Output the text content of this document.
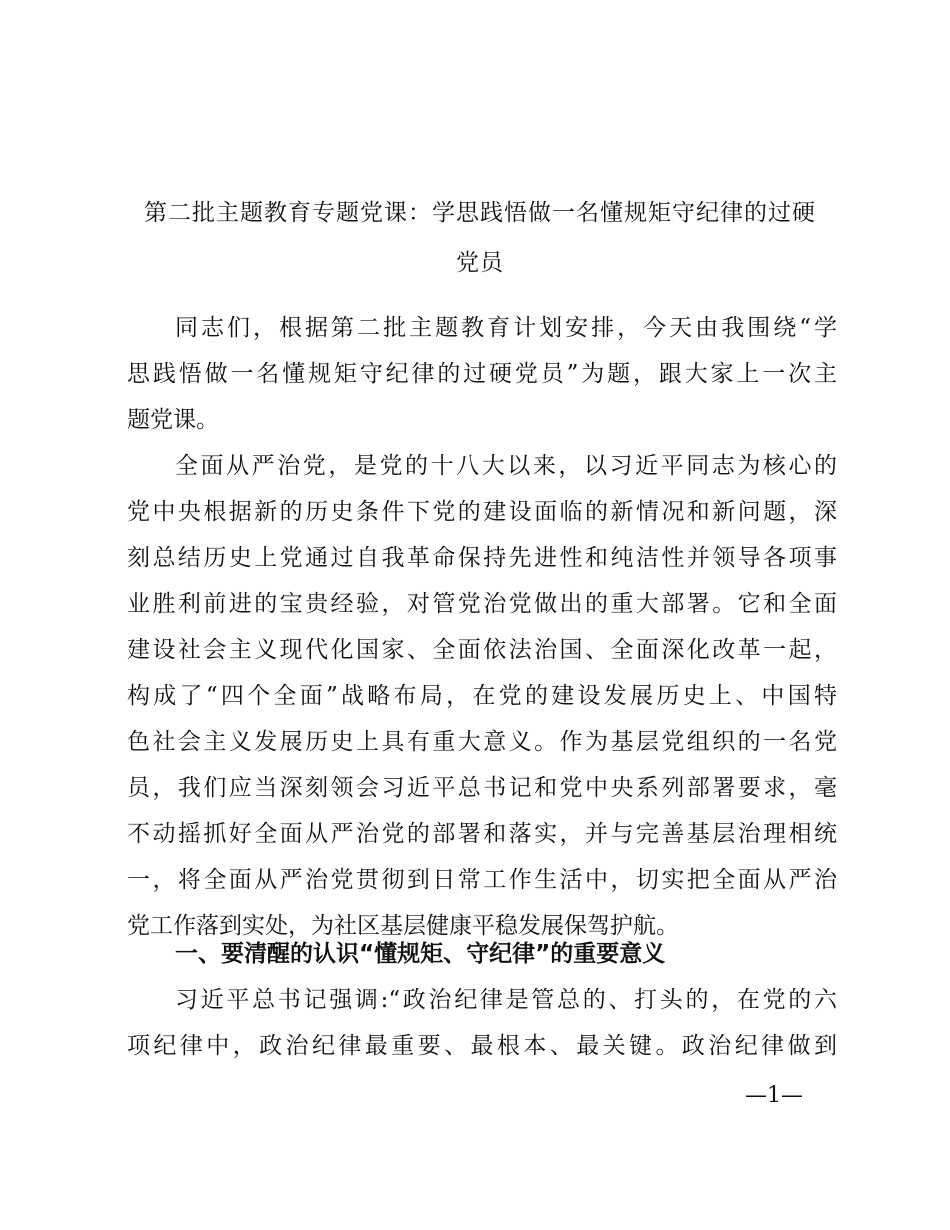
第二批主题教育专题党课：学思践悟做一名懂规矩守纪律的过硬
党员
同志们，根据第二批主题教育计划安排，今天由我围绕“学
思践悟做一名懂规矩守纪律的过硬党员”为题，跟大家上一次主
题党课。
全面从严治党，是党的十八大以来，以习近平同志为核心的
党中央根据新的历史条件下党的建设面临的新情况和新问题，深
刻总结历史上党通过自我革命保持先进性和纯洁性并领导各项事
业胜利前进的宝贵经验，对管党治党做出的重大部署。它和全面
建设社会主义现代化国家、全面依法治国、全面深化改革一起，
构成了“四个全面”战略布局，在党的建设发展历史上、中国特
色社会主义发展历史上具有重大意义。作为基层党组织的一名党
员，我们应当深刻领会习近平总书记和党中央系列部署要求，毫
不动摇抓好全面从严治党的部署和落实，并与完善基层治理相统
一，将全面从严治党贯彻到日常工作生活中，切实把全面从严治
党工作落到实处，为社区基层健康平稳发展保驾护航。
一、要清醒的认识“懂规矩、守纪律”的重要意义
习近平总书记强调:“政治纪律是管总的、打头的，在党的六
项纪律中，政治纪律最重要、最根本、最关键。政治纪律做到
—1—
